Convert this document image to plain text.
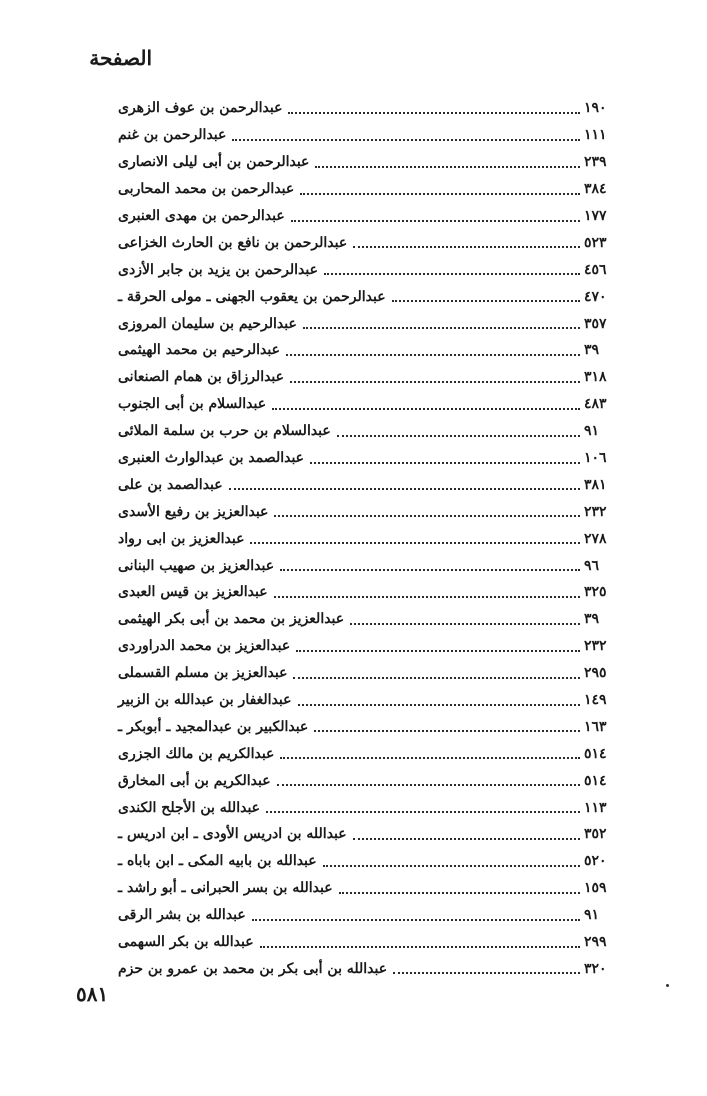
الصفحة
عبدالرحمن بن عوف الزهرى	١٩٠
عبدالرحمن بن غنم	١١١
عبدالرحمن بن أبى ليلى الانصارى	٢٣٩
عبدالرحمن بن محمد المحاربى	٣٨٤
عبدالرحمن بن مهدى العنبرى	١٧٧
عبدالرحمن بن نافع بن الحارث الخزاعى	٥٢٣
عبدالرحمن بن يزيد بن جابر الأزدى	٤٥٦
عبدالرحمن بن يعقوب الجهنى ـ مولى الحرقة ـ	٤٧٠
عبدالرحيم بن سليمان المروزى	٣٥٧
عبدالرحيم بن محمد الهيثمى	٣٩
عبدالرزاق بن همام الصنعانى	٣١٨
عبدالسلام بن أبى الجنوب	٤٨٣
عبدالسلام بن حرب بن سلمة الملائى	٩١
عبدالصمد بن عبدالوارث العنبرى	١٠٦
عبدالصمد بن على	٣٨١
عبدالعزيز بن رفيع الأسدى	٢٣٢
عبدالعزيز بن ابى رواد	٢٧٨
عبدالعزيز بن صهيب البنانى	٩٦
عبدالعزيز بن قيس العبدى	٣٢٥
عبدالعزيز بن محمد بن أبى بكر الهيثمى	٣٩
عبدالعزيز بن محمد الدراوردى	٢٣٢
عبدالعزيز بن مسلم القسملى	٢٩٥
عبدالغفار بن عبدالله بن الزبير	١٤٩
عبدالكبير بن عبدالمجيد ـ أبوبكر ـ	١٦٣
عبدالكريم بن مالك الجزرى	٥١٤
عبدالكريم بن أبى المخارق	٥١٤
عبدالله بن الأجلح الكندى	١١٣
عبدالله بن ادريس الأودى ـ ابن ادريس ـ	٣٥٢
عبدالله بن بابيه المكى ـ ابن باباه ـ	٥٢٠
عبدالله بن بسر الحبرانى ـ أبو راشد ـ	١٥٩
عبدالله بن بشر الرقى	٩١
عبدالله بن بكر السهمى	٢٩٩
عبدالله بن أبى بكر بن محمد بن عمرو بن حزم	٣٢٠
٥٨١
